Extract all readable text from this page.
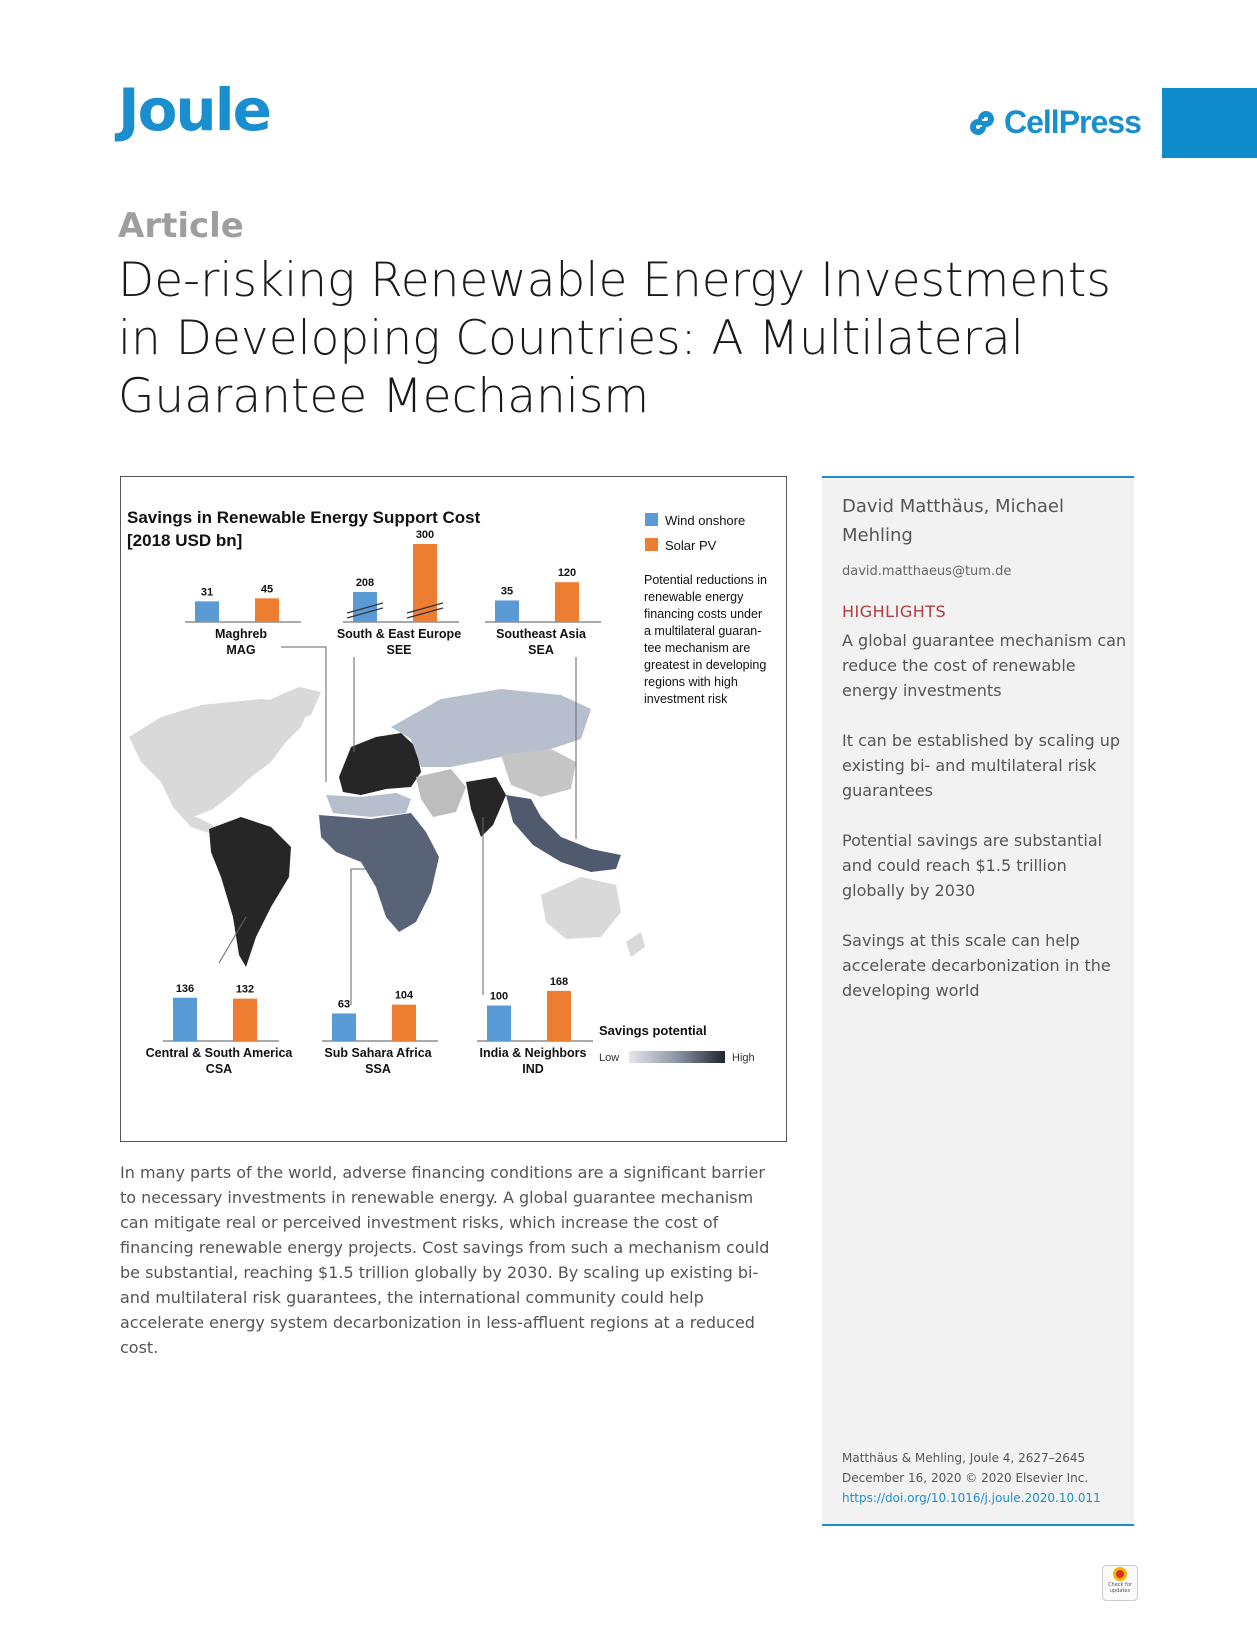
Joule	CellPress
Article
De-risking Renewable Energy Investments in Developing Countries: A Multilateral Guarantee Mechanism
Savings in Renewable Energy Support Cost
[2018 USD bn]
Wind onshore
Solar PV
Potential reductions in
renewable energy
financing costs under
a multilateral guaran-
tee mechanism are
greatest in developing
regions with high
investment risk
31	45
Maghreb
MAG
208
300
South & East Europe
SEE
35
120
Southeast Asia
SEA
136	132
Central & South America
CSA
63
104
Sub Sahara Africa
SSA
100
168
India & Neighbors
IND
Savings potential
Low	High

In many parts of the world, adverse financing conditions are a significant barrier to necessary investments in renewable energy. A global guarantee mechanism can mitigate real or perceived investment risks, which increase the cost of financing renewable energy projects. Cost savings from such a mechanism could be substantial, reaching $1.5 trillion globally by 2030. By scaling up existing bi- and multilateral risk guarantees, the international community could help accelerate energy system decarbonization in less-affluent regions at a reduced cost.

David Matthäus, Michael Mehling

david.matthaeus@tum.de
HIGHLIGHTS
A global guarantee mechanism can reduce the cost of renewable energy investments
It can be established by scaling up existing bi- and multilateral risk guarantees
Potential savings are substantial and could reach $1.5 trillion globally by 2030
Savings at this scale can help accelerate decarbonization in the developing world
Matthäus & Mehling, Joule 4, 2627–2645
December 16, 2020 © 2020 Elsevier Inc.
https://doi.org/10.1016/j.joule.2020.10.011
Check for updates
